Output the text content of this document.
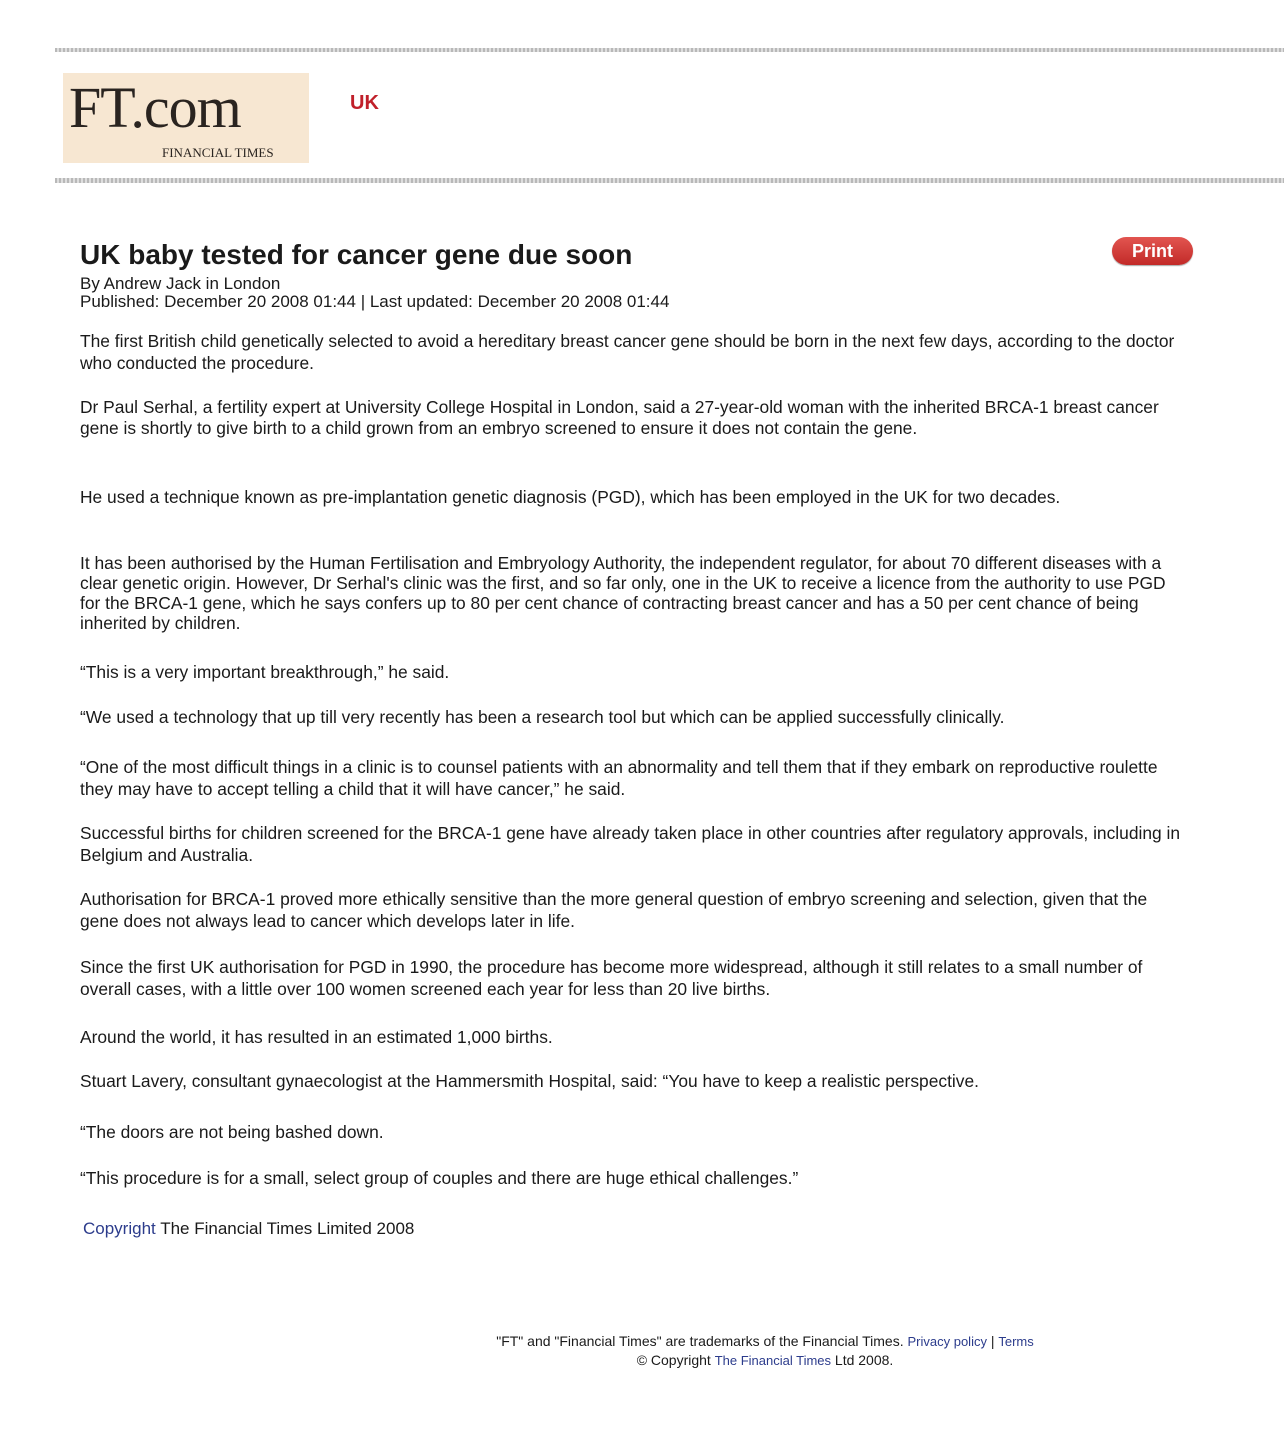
FT.com
FINANCIAL TIMES
UK
UK baby tested for cancer gene due soon	Print
By Andrew Jack in London
Published: December 20 2008 01:44 | Last updated: December 20 2008 01:44

The first British child genetically selected to avoid a hereditary breast cancer gene should be born in the next few days, according to the doctor who conducted the procedure.

Dr Paul Serhal, a fertility expert at University College Hospital in London, said a 27-year-old woman with the inherited BRCA-1 breast cancer gene is shortly to give birth to a child grown from an embryo screened to ensure it does not contain the gene.

He used a technique known as pre-implantation genetic diagnosis (PGD), which has been employed in the UK for two decades.

It has been authorised by the Human Fertilisation and Embryology Authority, the independent regulator, for about 70 different diseases with a clear genetic origin. However, Dr Serhal's clinic was the first, and so far only, one in the UK to receive a licence from the authority to use PGD for the BRCA-1 gene, which he says confers up to 80 per cent chance of contracting breast cancer and has a 50 per cent chance of being inherited by children.

“This is a very important breakthrough,” he said.

“We used a technology that up till very recently has been a research tool but which can be applied successfully clinically.

“One of the most difficult things in a clinic is to counsel patients with an abnormality and tell them that if they embark on reproductive roulette they may have to accept telling a child that it will have cancer,” he said.

Successful births for children screened for the BRCA-1 gene have already taken place in other countries after regulatory approvals, including in Belgium and Australia.

Authorisation for BRCA-1 proved more ethically sensitive than the more general question of embryo screening and selection, given that the gene does not always lead to cancer which develops later in life.

Since the first UK authorisation for PGD in 1990, the procedure has become more widespread, although it still relates to a small number of overall cases, with a little over 100 women screened each year for less than 20 live births.

Around the world, it has resulted in an estimated 1,000 births.

Stuart Lavery, consultant gynaecologist at the Hammersmith Hospital, said: “You have to keep a realistic perspective.

“The doors are not being bashed down.

“This procedure is for a small, select group of couples and there are huge ethical challenges.”

Copyright The Financial Times Limited 2008
"FT" and "Financial Times" are trademarks of the Financial Times. Privacy policy | Terms
© Copyright The Financial Times Ltd 2008.
